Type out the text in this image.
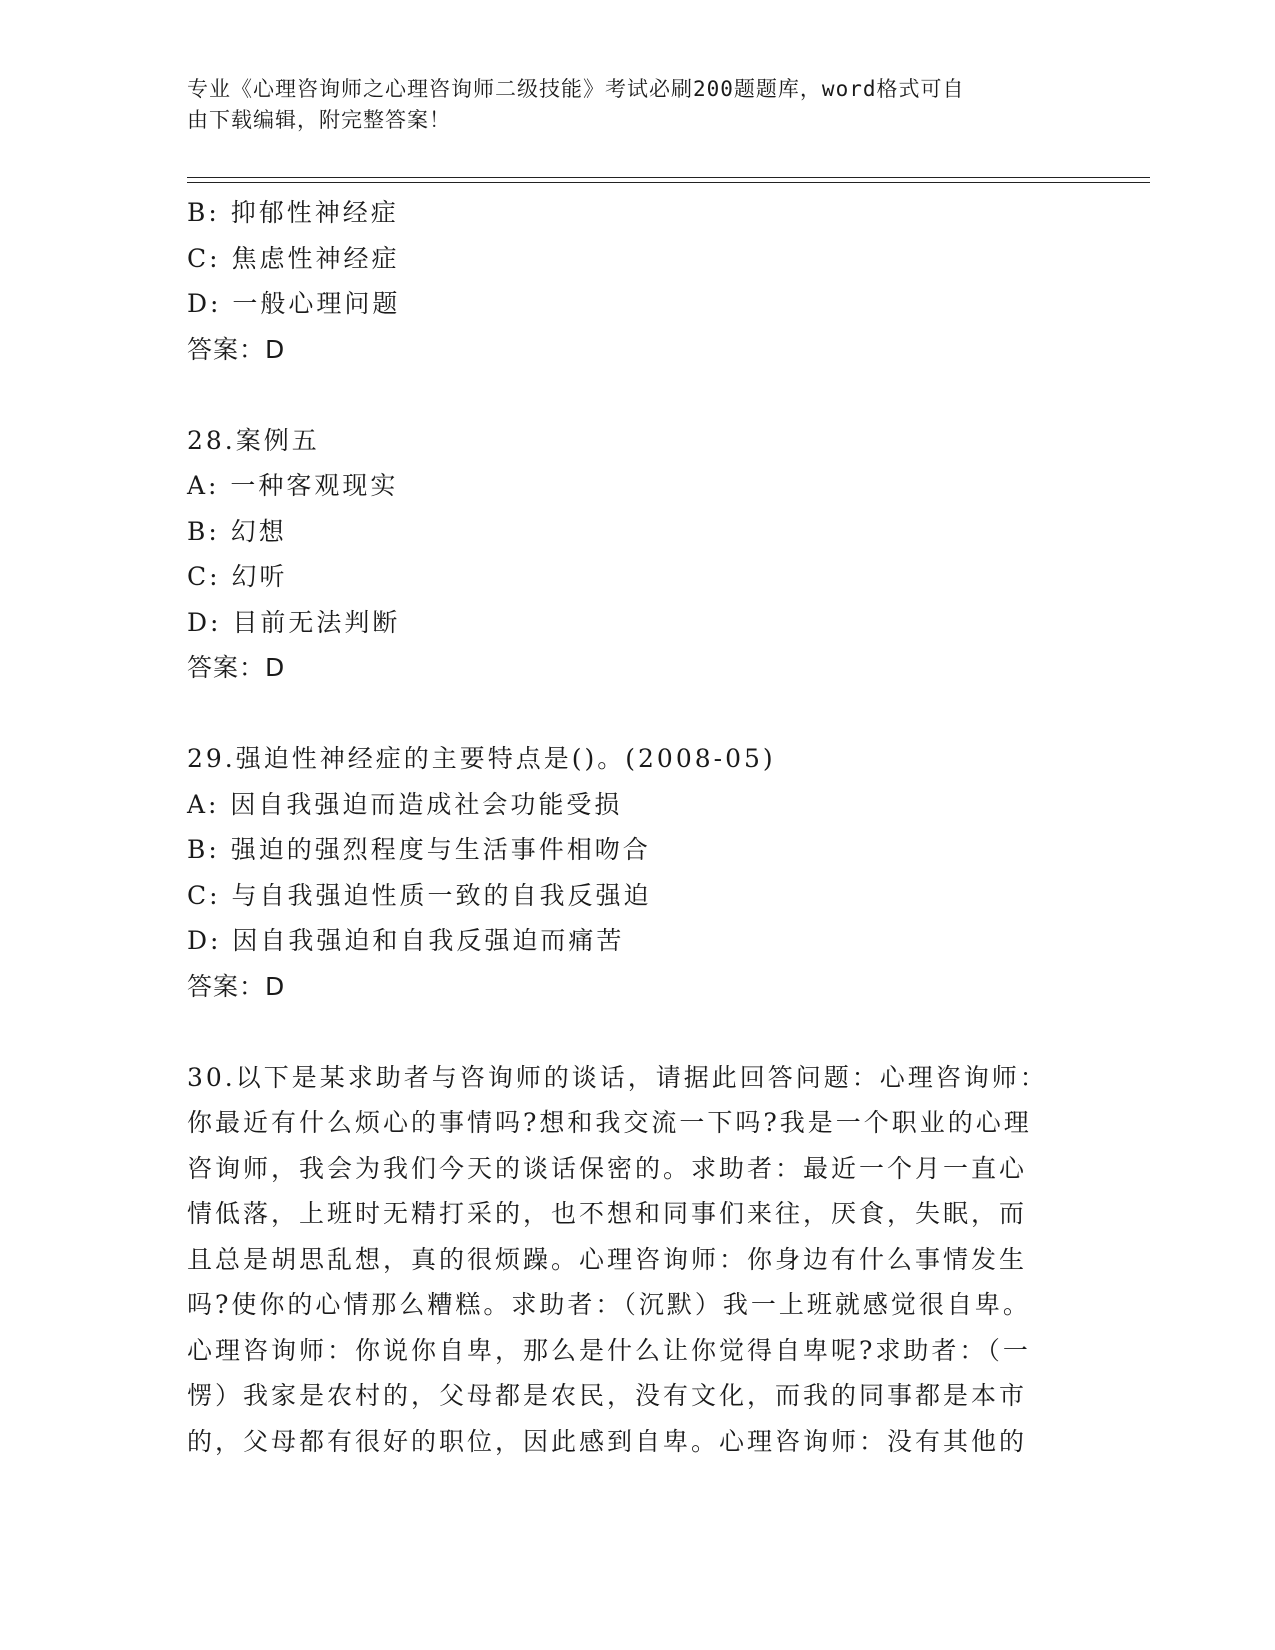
专业《心理咨询师之心理咨询师二级技能》考试必刷200题题库，word格式可自
由下载编辑，附完整答案！
B: 抑郁性神经症
C: 焦虑性神经症
D: 一般心理问题
答案：D
28.案例五
A: 一种客观现实
B: 幻想
C: 幻听
D: 目前无法判断
答案：D
29.强迫性神经症的主要特点是()。(2008-05)
A: 因自我强迫而造成社会功能受损
B: 强迫的强烈程度与生活事件相吻合
C: 与自我强迫性质一致的自我反强迫
D: 因自我强迫和自我反强迫而痛苦
答案：D
30.以下是某求助者与咨询师的谈话，请据此回答问题：心理咨询师：
你最近有什么烦心的事情吗?想和我交流一下吗?我是一个职业的心理
咨询师，我会为我们今天的谈话保密的。求助者：最近一个月一直心
情低落，上班时无精打采的，也不想和同事们来往，厌食，失眠，而
且总是胡思乱想，真的很烦躁。心理咨询师：你身边有什么事情发生
吗?使你的心情那么糟糕。求助者：（沉默）我一上班就感觉很自卑。
心理咨询师：你说你自卑，那么是什么让你觉得自卑呢?求助者：（一
愣）我家是农村的，父母都是农民，没有文化，而我的同事都是本市
的，父母都有很好的职位，因此感到自卑。心理咨询师：没有其他的
